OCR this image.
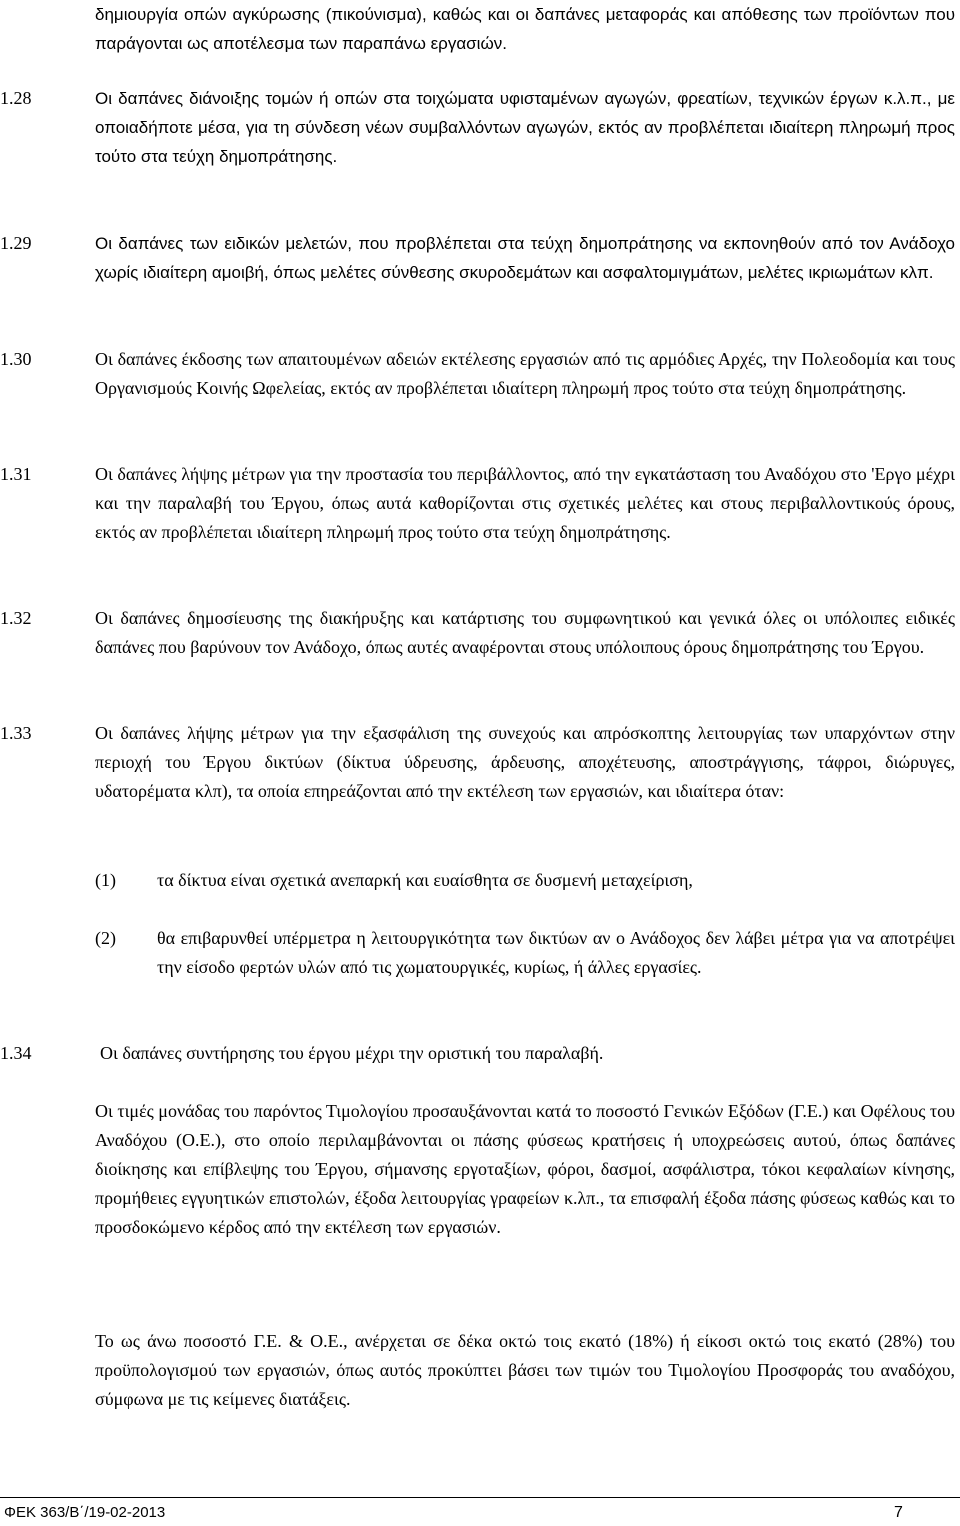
δημιουργία οπών αγκύρωσης (πικούνισμα), καθώς και οι δαπάνες μεταφοράς και απόθεσης των προϊόντων που παράγονται ως αποτέλεσμα των παραπάνω εργασιών.

1.28	Οι δαπάνες διάνοιξης τομών ή οπών στα τοιχώματα υφισταμένων αγωγών, φρεατίων, τεχνικών έργων κ.λ.π., με οποιαδήποτε μέσα, για τη σύνδεση νέων συμβαλλόντων αγωγών, εκτός αν προβλέπεται ιδιαίτερη πληρωμή προς τούτο στα τεύχη δημοπράτησης.
1.29	Οι δαπάνες των ειδικών μελετών, που προβλέπεται στα τεύχη δημοπράτησης να εκπονηθούν από τον Ανάδοχο χωρίς ιδιαίτερη αμοιβή, όπως μελέτες σύνθεσης σκυροδεμάτων και ασφαλτομιγμάτων, μελέτες ικριωμάτων κλπ.
1.30	Οι δαπάνες έκδοσης των απαιτουμένων αδειών εκτέλεσης εργασιών από τις αρμόδιες Αρχές, την Πολεοδομία και τους Οργανισμούς Κοινής Ωφελείας, εκτός αν προβλέπεται ιδιαίτερη πληρωμή προς τούτο στα τεύχη δημοπράτησης.
1.31	Οι δαπάνες λήψης μέτρων για την προστασία του περιβάλλοντος, από την εγκατάσταση του Αναδόχου στο 'Εργο μέχρι και την παραλαβή του Έργου, όπως αυτά καθορίζονται στις σχετικές μελέτες και στους περιβαλλοντικούς όρους, εκτός αν προβλέπεται ιδιαίτερη πληρωμή προς τούτο στα τεύχη δημοπράτησης.
1.32	Οι δαπάνες δημοσίευσης της διακήρυξης και κατάρτισης του συμφωνητικού και γενικά όλες οι υπόλοιπες ειδικές δαπάνες που βαρύνουν τον Ανάδοχο, όπως αυτές αναφέρονται στους υπόλοιπους όρους δημοπράτησης του Έργου.
1.33	Οι δαπάνες λήψης μέτρων για την εξασφάλιση της συνεχούς και απρόσκοπτης λειτουργίας των υπαρχόντων στην περιοχή του Έργου δικτύων (δίκτυα ύδρευσης, άρδευσης, αποχέτευσης, αποστράγγισης, τάφροι, διώρυγες, υδατορέματα κλπ), τα οποία επηρεάζονται από την εκτέλεση των εργασιών, και ιδιαίτερα όταν:
(1)	τα δίκτυα είναι σχετικά ανεπαρκή και ευαίσθητα σε δυσμενή μεταχείριση,
(2)	θα επιβαρυνθεί υπέρμετρα η λειτουργικότητα των δικτύων αν ο Ανάδοχος δεν λάβει μέτρα για να αποτρέψει την είσοδο φερτών υλών από τις χωματουργικές, κυρίως, ή άλλες εργασίες.
1.34	Οι δαπάνες συντήρησης του έργου μέχρι την οριστική του παραλαβή.

Οι τιμές μονάδας του παρόντος Τιμολογίου προσαυξάνονται κατά το ποσοστό Γενικών Εξόδων (Γ.Ε.) και Οφέλους του Αναδόχου (Ο.Ε.), στο οποίο περιλαμβάνονται οι πάσης φύσεως κρατήσεις ή υποχρεώσεις αυτού, όπως δαπάνες διοίκησης και επίβλεψης του Έργου, σήμανσης εργοταξίων, φόροι, δασμοί, ασφάλιστρα, τόκοι κεφαλαίων κίνησης, προμήθειες εγγυητικών επιστολών, έξοδα λειτουργίας γραφείων κ.λπ., τα επισφαλή έξοδα πάσης φύσεως καθώς και το προσδοκώμενο κέρδος από την εκτέλεση των εργασιών.

Το ως άνω ποσοστό Γ.Ε. & Ο.Ε., ανέρχεται σε δέκα οκτώ τοις εκατό (18%) ή είκοσι οκτώ τοις εκατό (28%) του προϋπολογισμού των εργασιών, όπως αυτός προκύπτει βάσει των τιμών του Τιμολογίου Προσφοράς του αναδόχου, σύμφωνα με τις κείμενες διατάξεις.

ΦΕΚ 363/Β΄/19-02-2013	7
